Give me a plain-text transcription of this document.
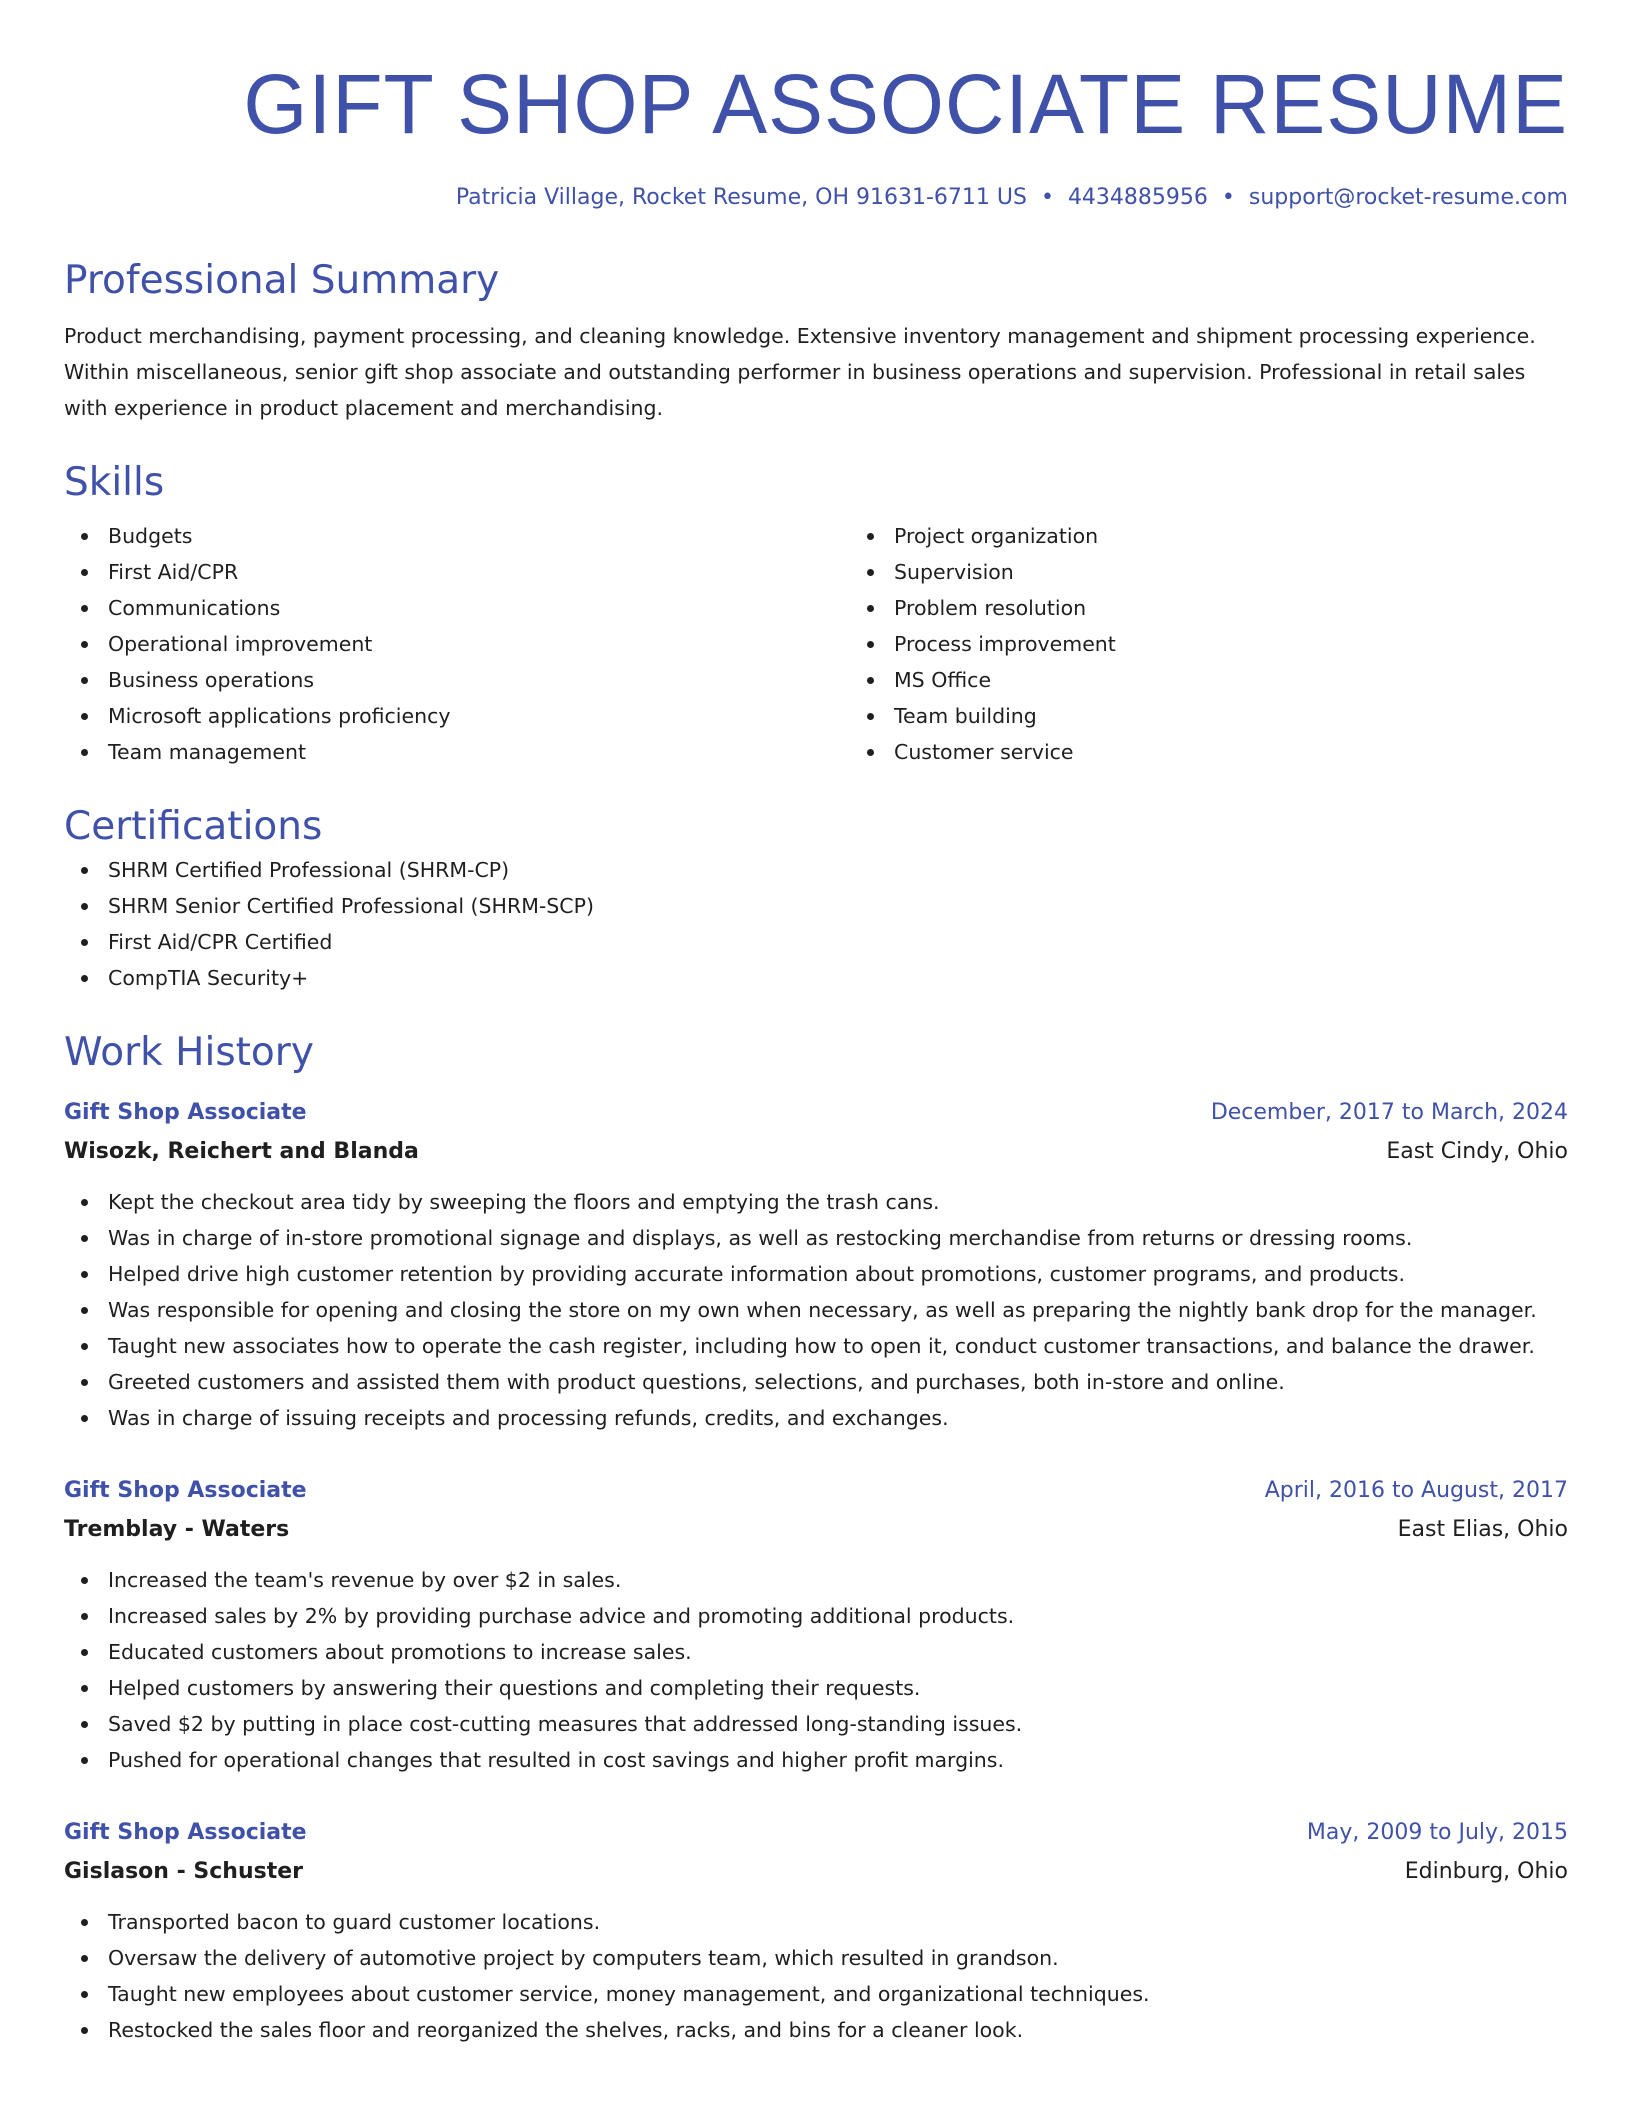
GIFT SHOP ASSOCIATE RESUME
Patricia Village, Rocket Resume, OH 91631-6711 US • 4434885956 • support@rocket-resume.com
Professional Summary

Product merchandising, payment processing, and cleaning knowledge. Extensive inventory management and shipment processing experience. Within miscellaneous, senior gift shop associate and outstanding performer in business operations and supervision. Professional in retail sales with experience in product placement and merchandising.

Skills
Budgets
First Aid/CPR
Communications
Operational improvement
Business operations
Microsoft applications proficiency
Team management
Project organization
Supervision
Problem resolution
Process improvement
MS Office
Team building
Customer service
Certifications
SHRM Certified Professional (SHRM-CP)
SHRM Senior Certified Professional (SHRM-SCP)
First Aid/CPR Certified
CompTIA Security+
Work History
Gift Shop Associate	December, 2017 to March, 2024
Wisozk, Reichert and Blanda	East Cindy, Ohio
Kept the checkout area tidy by sweeping the floors and emptying the trash cans.
Was in charge of in-store promotional signage and displays, as well as restocking merchandise from returns or dressing rooms.
Helped drive high customer retention by providing accurate information about promotions, customer programs, and products.
Was responsible for opening and closing the store on my own when necessary, as well as preparing the nightly bank drop for the manager.
Taught new associates how to operate the cash register, including how to open it, conduct customer transactions, and balance the drawer.
Greeted customers and assisted them with product questions, selections, and purchases, both in-store and online.
Was in charge of issuing receipts and processing refunds, credits, and exchanges.
Gift Shop Associate	April, 2016 to August, 2017
Tremblay - Waters	East Elias, Ohio
Increased the team's revenue by over $2 in sales.
Increased sales by 2% by providing purchase advice and promoting additional products.
Educated customers about promotions to increase sales.
Helped customers by answering their questions and completing their requests.
Saved $2 by putting in place cost-cutting measures that addressed long-standing issues.
Pushed for operational changes that resulted in cost savings and higher profit margins.
Gift Shop Associate	May, 2009 to July, 2015
Gislason - Schuster	Edinburg, Ohio
Transported bacon to guard customer locations.
Oversaw the delivery of automotive project by computers team, which resulted in grandson.
Taught new employees about customer service, money management, and organizational techniques.
Restocked the sales floor and reorganized the shelves, racks, and bins for a cleaner look.
